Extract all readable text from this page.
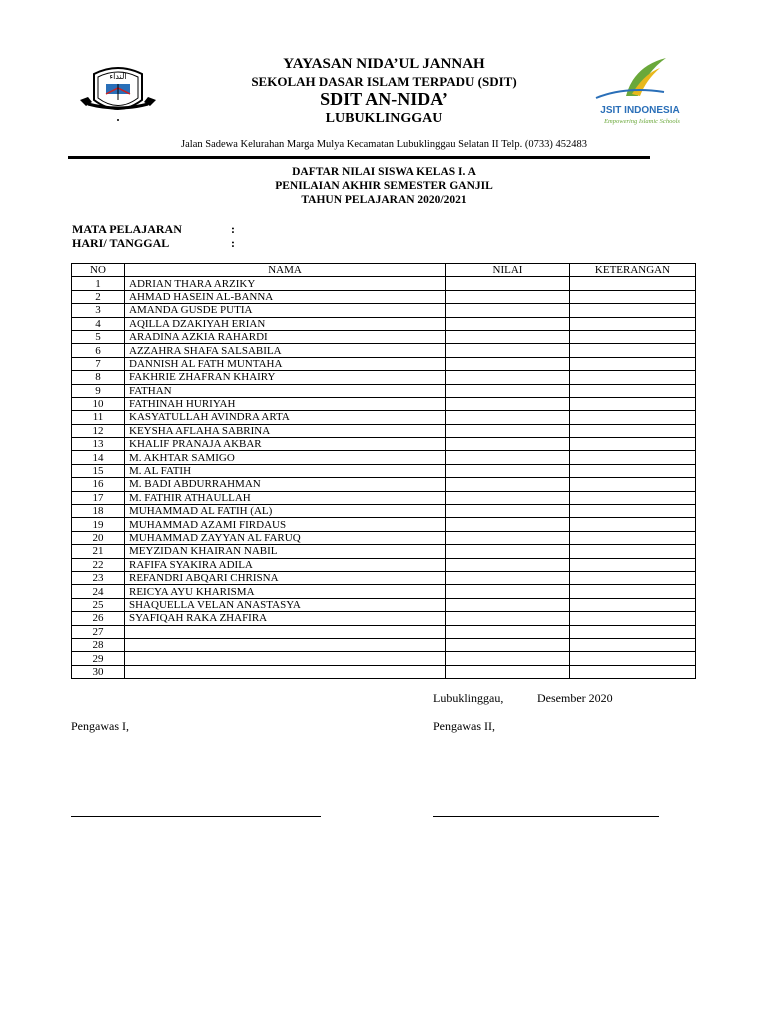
النداء
JSIT INDONESIA
Empowering Islamic Schools
YAYASAN NIDA’UL JANNAH
SEKOLAH DASAR ISLAM TERPADU (SDIT)
SDIT AN-NIDA’
LUBUKLINGGAU
Jalan Sadewa Kelurahan Marga Mulya Kecamatan Lubuklinggau Selatan II Telp. (0733) 452483
DAFTAR NILAI SISWA KELAS I. A
PENILAIAN AKHIR SEMESTER GANJIL
TAHUN PELAJARAN 2020/2021
MATA PELAJARAN	:
HARI/ TANGGAL	:
NO	NAMA	NILAI	KETERANGAN
1	ADRIAN THARA ARZIKY		
2	AHMAD HASEIN AL-BANNA		
3	AMANDA GUSDE PUTIA		
4	AQILLA DZAKIYAH ERIAN		
5	ARADINA AZKIA RAHARDI		
6	AZZAHRA SHAFA SALSABILA		
7	DANNISH AL FATH MUNTAHA		
8	FAKHRIE ZHAFRAN KHAIRY		
9	FATHAN		
10	FATHINAH HURIYAH		
11	KASYATULLAH AVINDRA ARTA		
12	KEYSHA AFLAHA SABRINA		
13	KHALIF PRANAJA AKBAR		
14	M. AKHTAR SAMIGO		
15	M. AL FATIH		
16	M. BADI ABDURRAHMAN		
17	M. FATHIR ATHAULLAH		
18	MUHAMMAD AL FATIH (AL)		
19	MUHAMMAD AZAMI FIRDAUS		
20	MUHAMMAD ZAYYAN AL FARUQ		
21	MEYZIDAN KHAIRAN NABIL		
22	RAFIFA SYAKIRA ADILA		
23	REFANDRI ABQARI CHRISNA		
24	REICYA AYU KHARISMA		
25	SHAQUELLA VELAN ANASTASYA		
26	SYAFIQAH RAKA ZHAFIRA		
27			
28			
29			
30			
Lubuklinggau,	Desember 2020
Pengawas I,	Pengawas II,
